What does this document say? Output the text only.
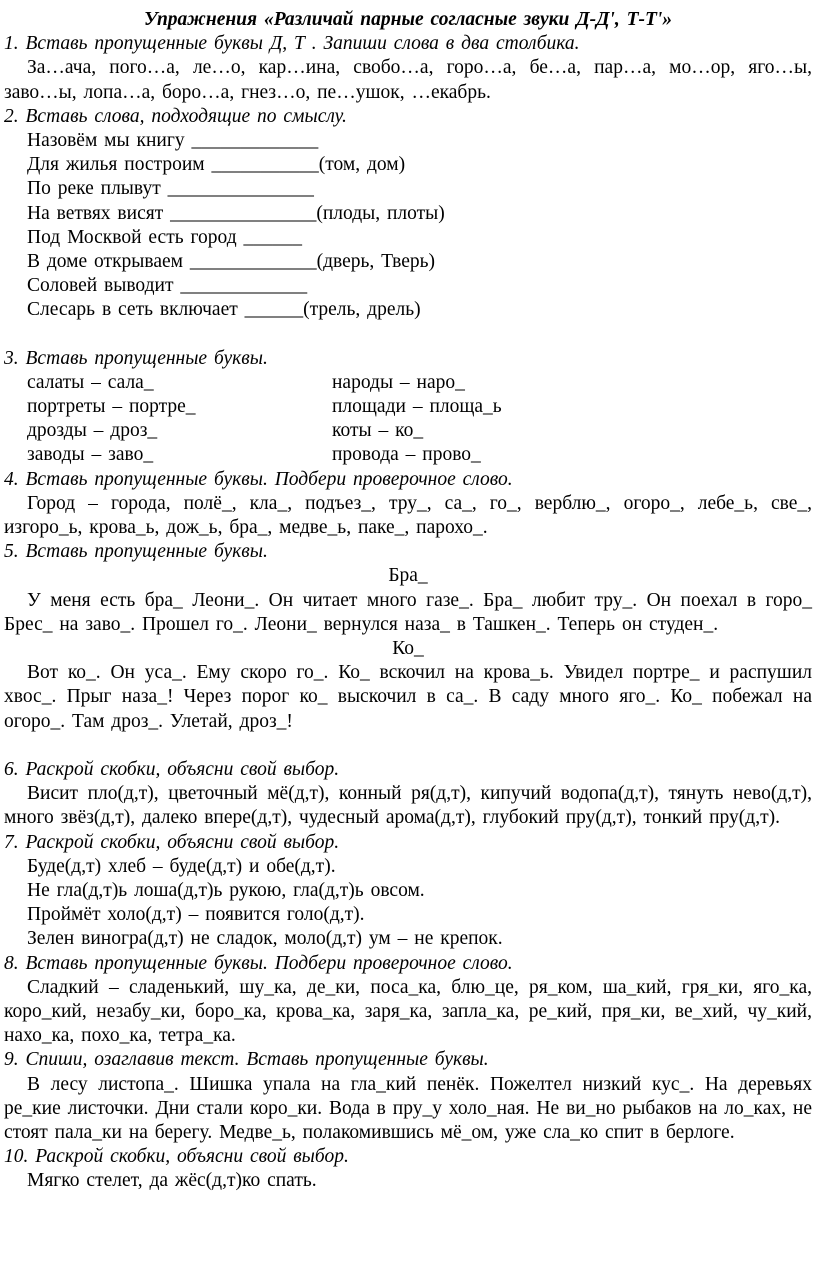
Упражнения «Различай парные согласные звуки Д-Д', Т-Т'»
1. Вставь пропущенные буквы Д, Т . Запиши слова в два столбика.
За…ача, пого…а, ле…о, кар…ина, свобо…а, горо…а, бе…а, пар…а, мо…ор, яго…ы, заво…ы, лопа…а, боро…а, гнез…о, пе…ушок, …екабрь.
2. Вставь слова, подходящие по смыслу.
Назовём мы книгу _____________
Для жилья построим ___________(том, дом)
По реке плывут _______________
На ветвях висят _______________(плоды, плоты)
Под Москвой есть город ______
В доме открываем _____________(дверь, Тверь)
Соловей выводит _____________
Слесарь в сеть включает ______(трель, дрель)
3. Вставь пропущенные буквы.
салаты – сала_	народы – наро_
портреты – портре_	площади – площа_ь
дрозды – дроз_	коты – ко_
заводы – заво_	провода – прово_
4. Вставь пропущенные буквы. Подбери проверочное слово.
Город – города, полё_, кла_, подъез_, тру_, са_, го_, верблю_, огоро_, лебе_ь, све_, изгоро_ь, крова_ь, дож_ь, бра_, медве_ь, паке_, парохо_.
5. Вставь пропущенные буквы.
Бра_
У меня есть бра_ Леони_. Он читает много газе_. Бра_ любит тру_. Он поехал в горо_ Брес_ на заво_. Прошел го_. Леони_ вернулся наза_ в Ташкен_. Теперь он студен_.
Ко_
Вот ко_. Он уса_. Ему скоро го_. Ко_ вскочил на крова_ь. Увидел портре_ и распушил хвос_. Прыг наза_! Через порог ко_ выскочил в са_. В саду много яго_. Ко_ побежал на огоро_. Там дроз_. Улетай, дроз_!
6. Раскрой скобки, объясни свой выбор.
Висит пло(д,т), цветочный мё(д,т), конный ря(д,т), кипучий водопа(д,т), тянуть нево(д,т), много звёз(д,т), далеко впере(д,т), чудесный арома(д,т), глубокий пру(д,т), тонкий пру(д,т).
7. Раскрой скобки, объясни свой выбор.
Буде(д,т) хлеб – буде(д,т) и обе(д,т).
Не гла(д,т)ь лоша(д,т)ь рукою, гла(д,т)ь овсом.
Проймёт холо(д,т) – появится голо(д,т).
Зелен виногра(д,т) не сладок, моло(д,т) ум – не крепок.
8. Вставь пропущенные буквы. Подбери проверочное слово.
Сладкий – сладенький, шу_ка, де_ки, поса_ка, блю_це, ря_ком, ша_кий, гря_ки, яго_ка, коро_кий, незабу_ки, боро_ка, крова_ка, заря_ка, запла_ка, ре_кий, пря_ки, ве_хий, чу_кий, нахо_ка, похо_ка, тетра_ка.
9. Спиши, озаглавив текст. Вставь пропущенные буквы.
В лесу листопа_. Шишка упала на гла_кий пенёк. Пожелтел низкий кус_. На деревьях ре_кие листочки. Дни стали коро_ки. Вода в пру_у холо_ная. Не ви_но рыбаков на ло_ках, не стоят пала_ки на берегу. Медве_ь, полакомившись мё_ом, уже сла_ко спит в берлоге.
10. Раскрой скобки, объясни свой выбор.
Мягко стелет, да жёс(д,т)ко спать.
